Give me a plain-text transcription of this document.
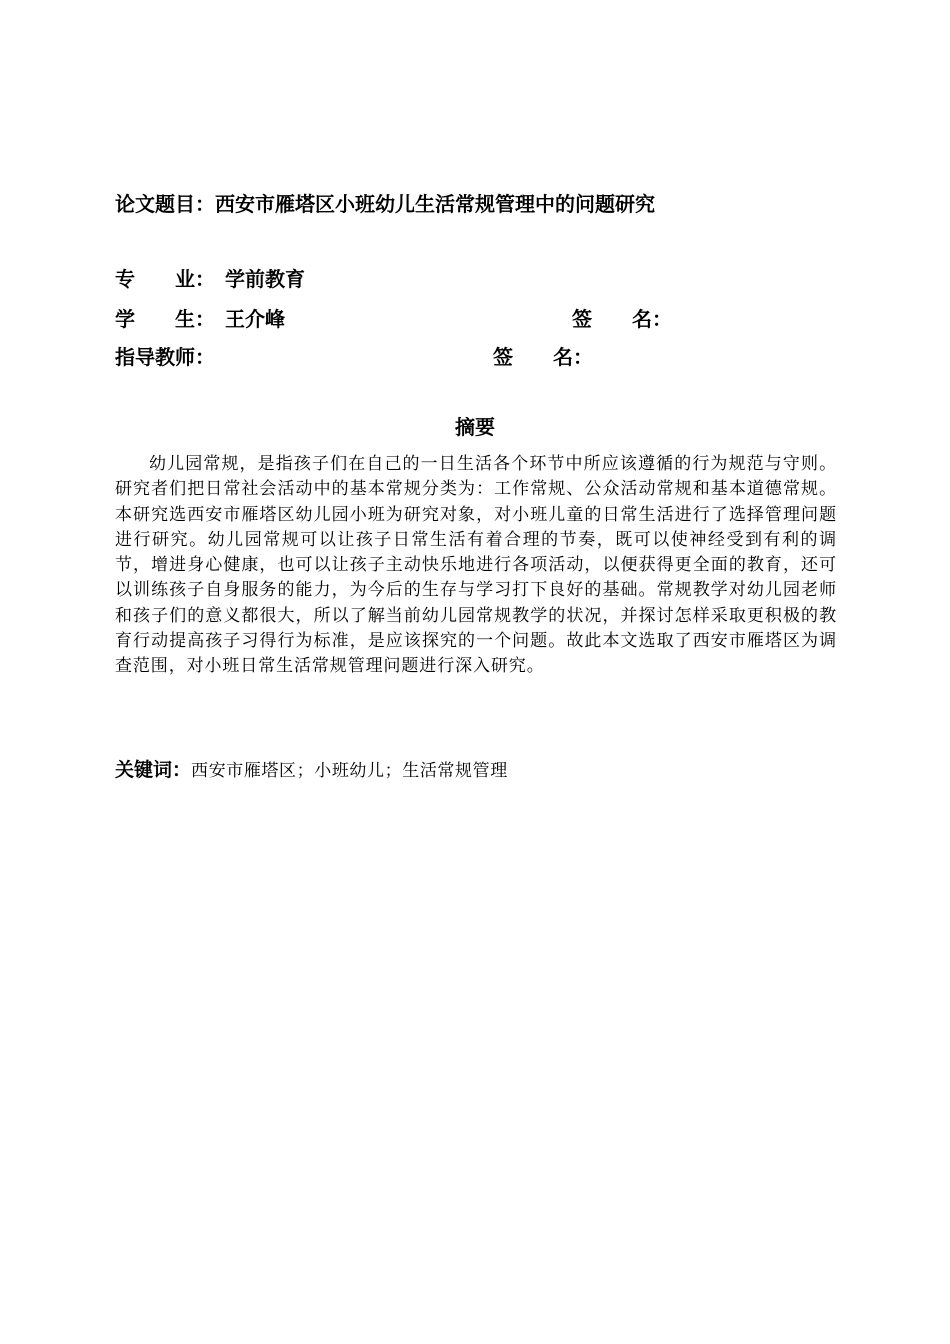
论文题目：西安市雁塔区小班幼儿生活常规管理中的问题研究
专　　业： 学前教育
学　　生： 王介峰	签　　名：
指导教师：	签　　名：
摘要

幼儿园常规，是指孩子们在自己的一日生活各个环节中所应该遵循的行为规范与守则。研究者们把日常社会活动中的基本常规分类为：工作常规、公众活动常规和基本道德常规。本研究选西安市雁塔区幼儿园小班为研究对象，对小班儿童的日常生活进行了选择管理问题进行研究。幼儿园常规可以让孩子日常生活有着合理的节奏，既可以使神经受到有利的调节，增进身心健康，也可以让孩子主动快乐地进行各项活动，以便获得更全面的教育，还可以训练孩子自身服务的能力，为今后的生存与学习打下良好的基础。常规教学对幼儿园老师和孩子们的意义都很大，所以了解当前幼儿园常规教学的状况，并探讨怎样采取更积极的教育行动提高孩子习得行为标准，是应该探究的一个问题。故此本文选取了西安市雁塔区为调查范围，对小班日常生活常规管理问题进行深入研究。

关键词：西安市雁塔区；小班幼儿；生活常规管理
